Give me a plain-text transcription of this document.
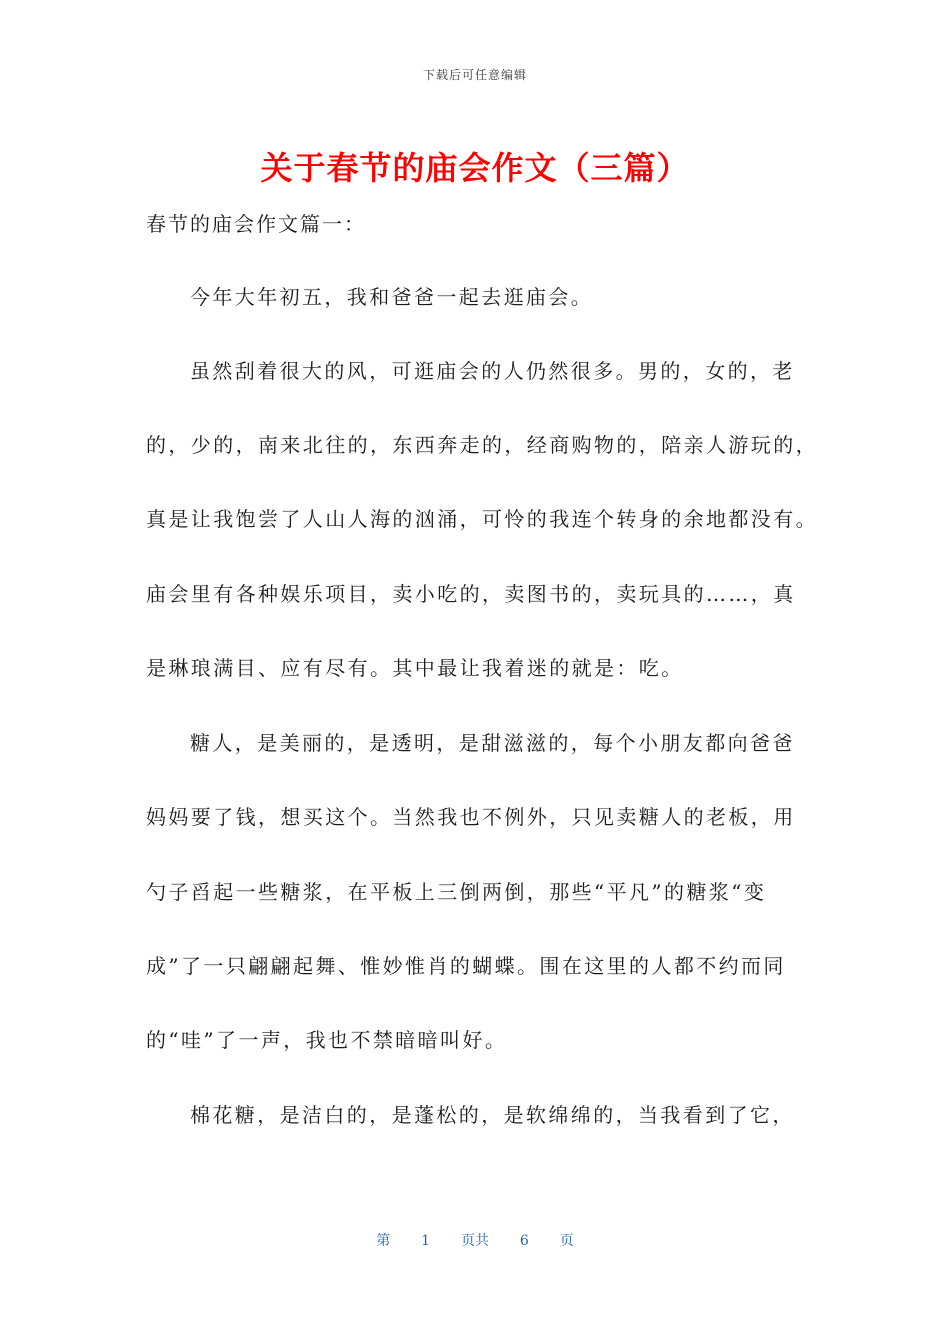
下载后可任意编辑
关于春节的庙会作文（三篇）
春节的庙会作文篇一：
今年大年初五，我和爸爸一起去逛庙会。
虽然刮着很大的风，可逛庙会的人仍然很多。男的，女的，老
的，少的，南来北往的，东西奔走的，经商购物的，陪亲人游玩的，
真是让我饱尝了人山人海的汹涌，可怜的我连个转身的余地都没有。
庙会里有各种娱乐项目，卖小吃的，卖图书的，卖玩具的……，真
是琳琅满目、应有尽有。其中最让我着迷的就是：吃。
糖人，是美丽的，是透明，是甜滋滋的，每个小朋友都向爸爸
妈妈要了钱，想买这个。当然我也不例外，只见卖糖人的老板，用
勺子舀起一些糖浆，在平板上三倒两倒，那些“平凡”的糖浆“变
成”了一只翩翩起舞、惟妙惟肖的蝴蝶。围在这里的人都不约而同
的“哇”了一声，我也不禁暗暗叫好。
棉花糖，是洁白的，是蓬松的，是软绵绵的，当我看到了它，
第 1 页共 6 页
